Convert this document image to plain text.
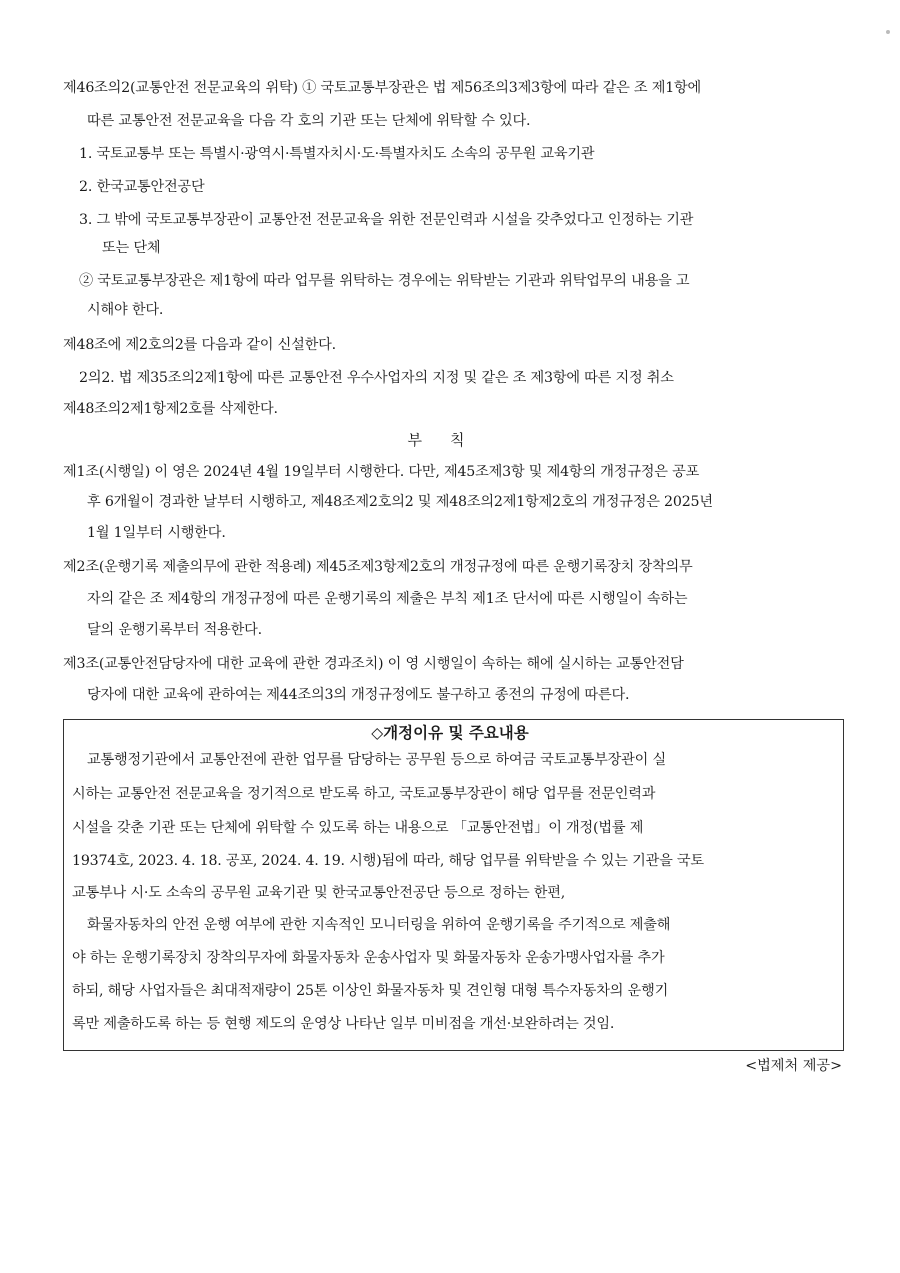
제46조의2(교통안전 전문교육의 위탁) ① 국토교통부장관은 법 제56조의3제3항에 따라 같은 조 제1항에
따른 교통안전 전문교육을 다음 각 호의 기관 또는 단체에 위탁할 수 있다.
1. 국토교통부 또는 특별시·광역시·특별자치시·도·특별자치도 소속의 공무원 교육기관
2. 한국교통안전공단
3. 그 밖에 국토교통부장관이 교통안전 전문교육을 위한 전문인력과 시설을 갖추었다고 인정하는 기관
또는 단체
② 국토교통부장관은 제1항에 따라 업무를 위탁하는 경우에는 위탁받는 기관과 위탁업무의 내용을 고
시해야 한다.
제48조에 제2호의2를 다음과 같이 신설한다.
2의2. 법 제35조의2제1항에 따른 교통안전 우수사업자의 지정 및 같은 조 제3항에 따른 지정 취소
제48조의2제1항제2호를 삭제한다.
부칙
제1조(시행일) 이 영은 2024년 4월 19일부터 시행한다. 다만, 제45조제3항 및 제4항의 개정규정은 공포
후 6개월이 경과한 날부터 시행하고, 제48조제2호의2 및 제48조의2제1항제2호의 개정규정은 2025년
1월 1일부터 시행한다.
제2조(운행기록 제출의무에 관한 적용례) 제45조제3항제2호의 개정규정에 따른 운행기록장치 장착의무
자의 같은 조 제4항의 개정규정에 따른 운행기록의 제출은 부칙 제1조 단서에 따른 시행일이 속하는
달의 운행기록부터 적용한다.
제3조(교통안전담당자에 대한 교육에 관한 경과조치) 이 영 시행일이 속하는 해에 실시하는 교통안전담
당자에 대한 교육에 관하여는 제44조의3의 개정규정에도 불구하고 종전의 규정에 따른다.
◇개정이유 및 주요내용
교통행정기관에서 교통안전에 관한 업무를 담당하는 공무원 등으로 하여금 국토교통부장관이 실
시하는 교통안전 전문교육을 정기적으로 받도록 하고, 국토교통부장관이 해당 업무를 전문인력과
시설을 갖춘 기관 또는 단체에 위탁할 수 있도록 하는 내용으로 「교통안전법」이 개정(법률 제
19374호, 2023. 4. 18. 공포, 2024. 4. 19. 시행)됨에 따라, 해당 업무를 위탁받을 수 있는 기관을 국토
교통부나 시·도 소속의 공무원 교육기관 및 한국교통안전공단 등으로 정하는 한편,
화물자동차의 안전 운행 여부에 관한 지속적인 모니터링을 위하여 운행기록을 주기적으로 제출해
야 하는 운행기록장치 장착의무자에 화물자동차 운송사업자 및 화물자동차 운송가맹사업자를 추가
하되, 해당 사업자들은 최대적재량이 25톤 이상인 화물자동차 및 견인형 대형 특수자동차의 운행기
록만 제출하도록 하는 등 현행 제도의 운영상 나타난 일부 미비점을 개선·보완하려는 것임.
<법제처 제공>
